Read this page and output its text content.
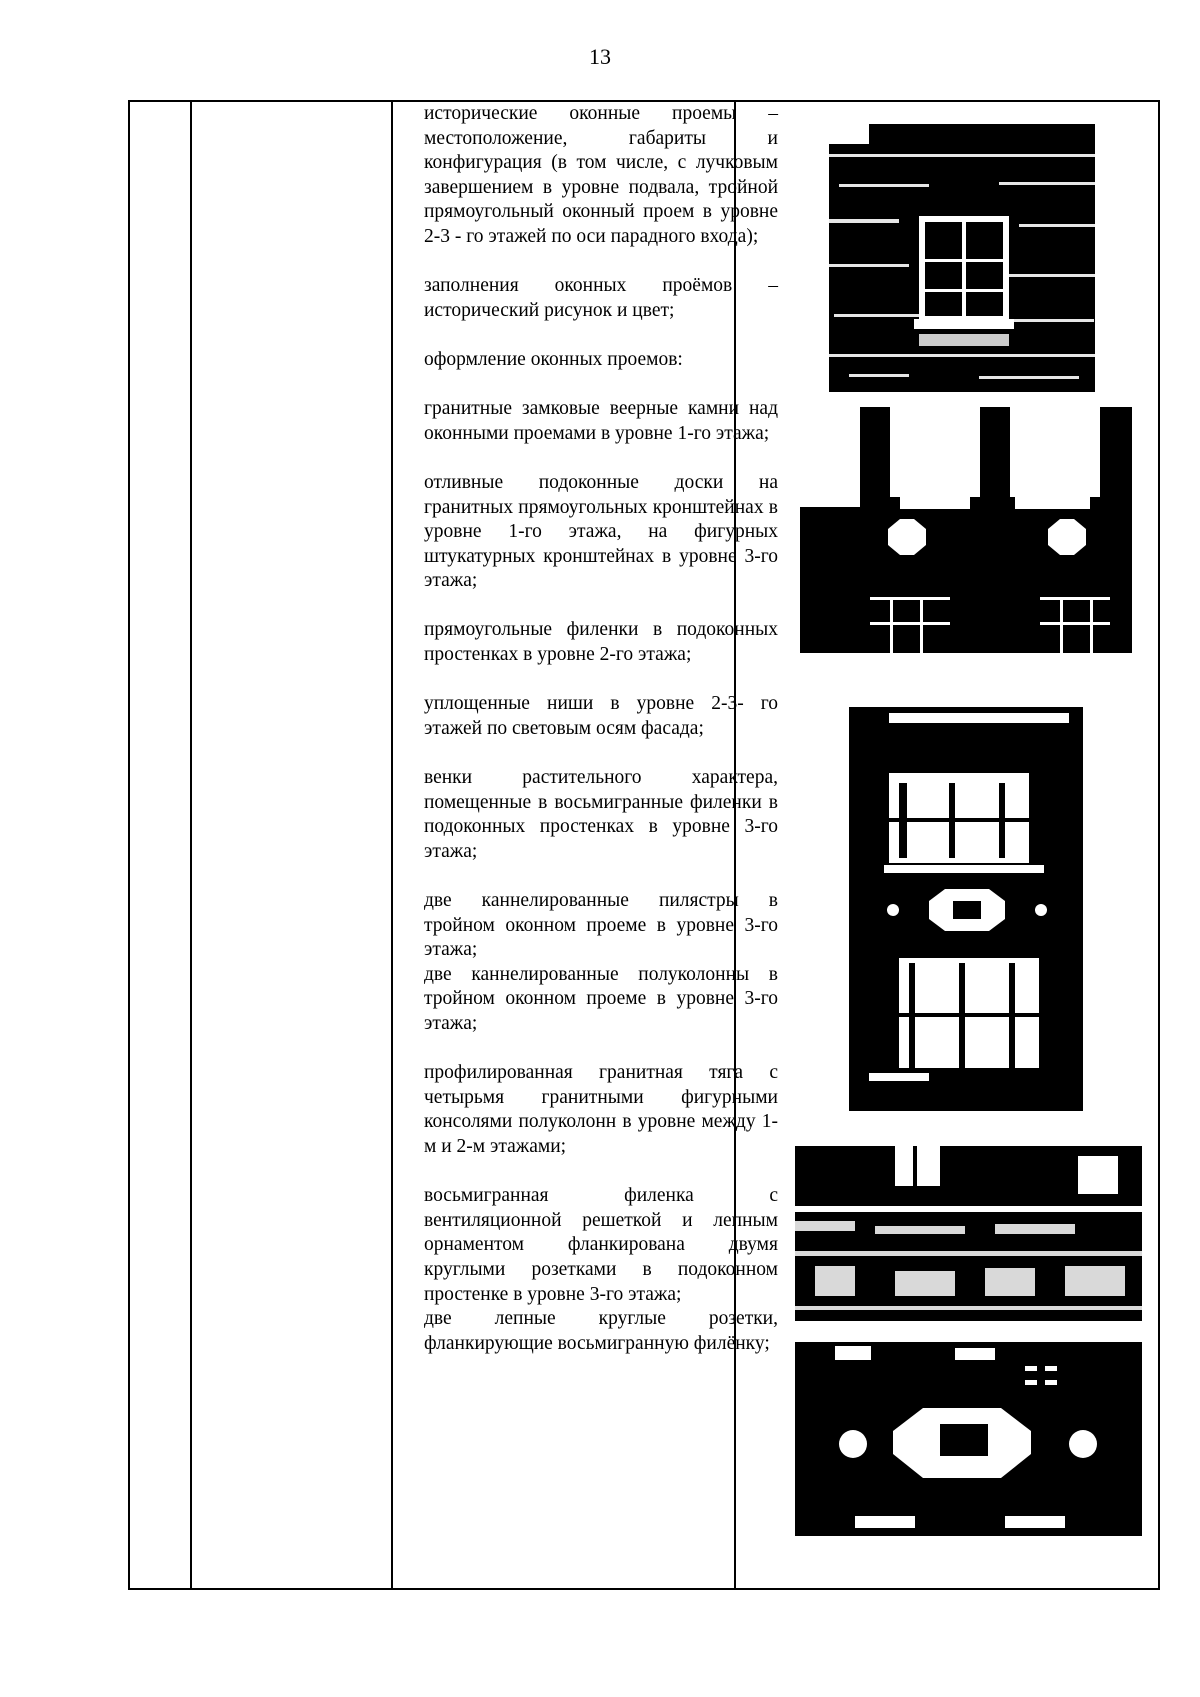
13

исторические оконные проемы – местоположение, габариты и конфигурация (в том числе, с лучковым завершением в уровне подвала, тройной прямоугольный оконный проем в уровне 2-3 - го этажей по оси парадного входа);

заполнения оконных проёмов – исторический рисунок и цвет;

оформление оконных проемов:

гранитные замковые веерные камни над оконными проемами в уровне 1-го этажа;

отливные подоконные доски на гранитных прямоугольных кронштейнах в уровне 1-го этажа, на фигурных штукатурных кронштейнах в уровне 3-го этажа;

прямоугольные филенки в подоконных простенках в уровне 2-го этажа;

уплощенные ниши в уровне 2-3- го этажей по световым осям фасада;

венки растительного характера, помещенные в восьмигранные филенки в подоконных простенках в уровне 3-го этажа;

две каннелированные пилястры в тройном оконном проеме в уровне 3-го этажа;

две каннелированные полуколонны в тройном оконном проеме в уровне 3-го этажа;

профилированная гранитная тяга с четырьмя гранитными фигурными консолями полуколонн в уровне между 1-м и 2-м этажами;

восьмигранная филенка с вентиляционной решеткой и лепным орнаментом фланкирована двумя круглыми розетками в подоконном простенке в уровне 3-го этажа;

две лепные круглые розетки, фланкирующие восьмигранную филёнку;
